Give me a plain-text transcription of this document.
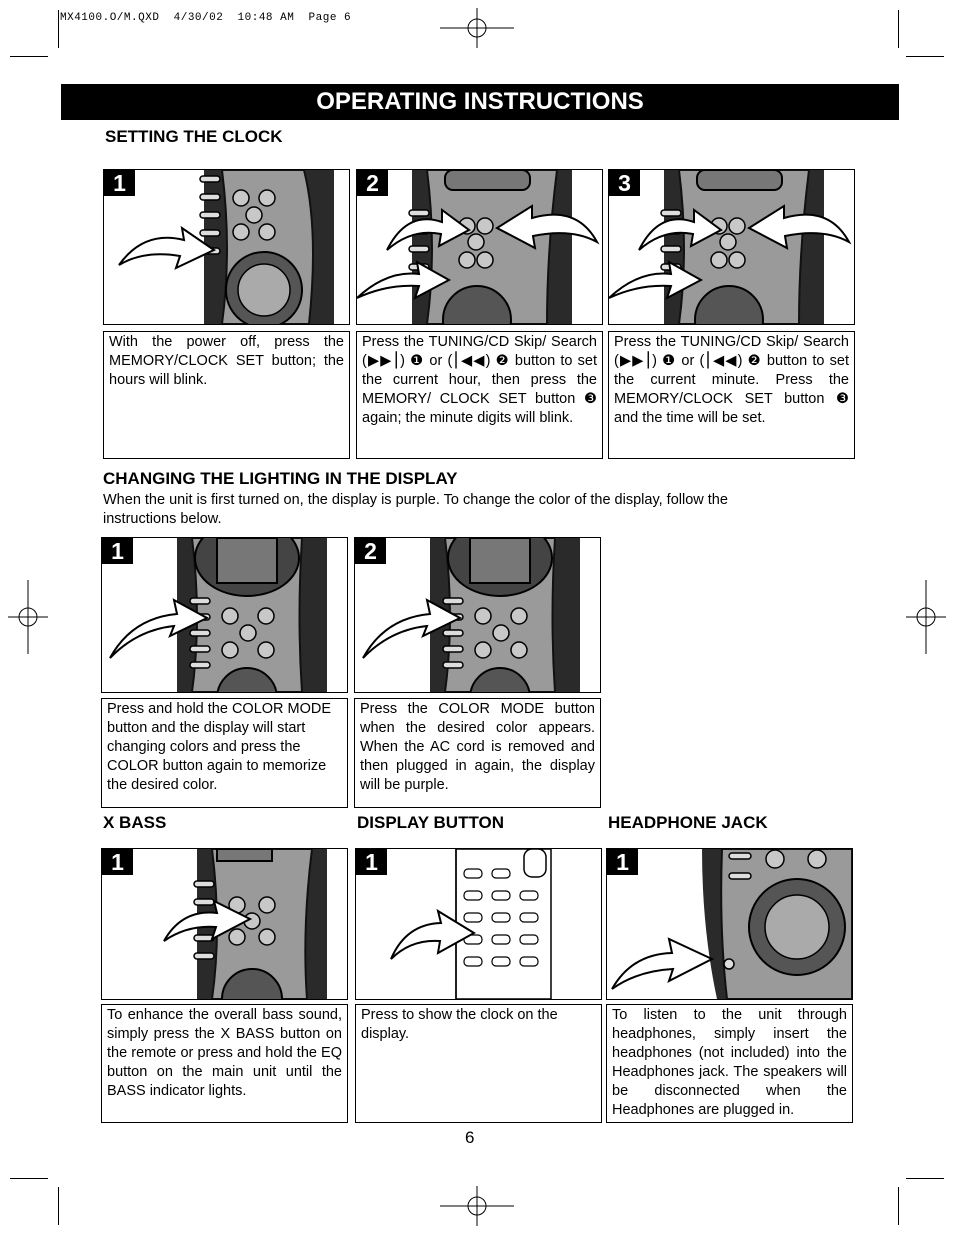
MX4100.O/M.QXD  4/30/02  10:48 AM  Page 6
OPERATING INSTRUCTIONS
SETTING THE CLOCK
1	2	3
With the power off, press the MEMORY/CLOCK SET button; the hours will blink.
Press the TUNING/CD Skip/ Search (▶▶⎮) ❶ or (⎮◀◀) ❷ button to set the current hour, then press the MEMORY/ CLOCK SET button ❸ again; the minute digits will blink.
Press the TUNING/CD Skip/ Search (▶▶⎮) ❶ or (⎮◀◀) ❷ button to set the current minute. Press the MEMORY/CLOCK SET button ❸ and the time will be set.
CHANGING THE LIGHTING IN THE DISPLAY
When the unit is first turned on, the display is purple. To change the color of the display, follow the instructions below.
1	2
Press and hold the COLOR MODE button and the display will start changing colors and press the COLOR button again to memorize the desired color.
Press the COLOR MODE button when the desired color appears. When the AC cord is removed and then plugged in again, the display will be purple.
X BASS	DISPLAY BUTTON	HEADPHONE JACK
1	1	1
To enhance the overall bass sound, simply press the X BASS button on the remote or press and hold the EQ button on the main unit until the BASS indicator lights.
Press to show the clock on the display.
To listen to the unit through headphones, simply insert the headphones (not included) into the Headphones jack. The speakers will be disconnected when the Headphones are plugged in.
6
